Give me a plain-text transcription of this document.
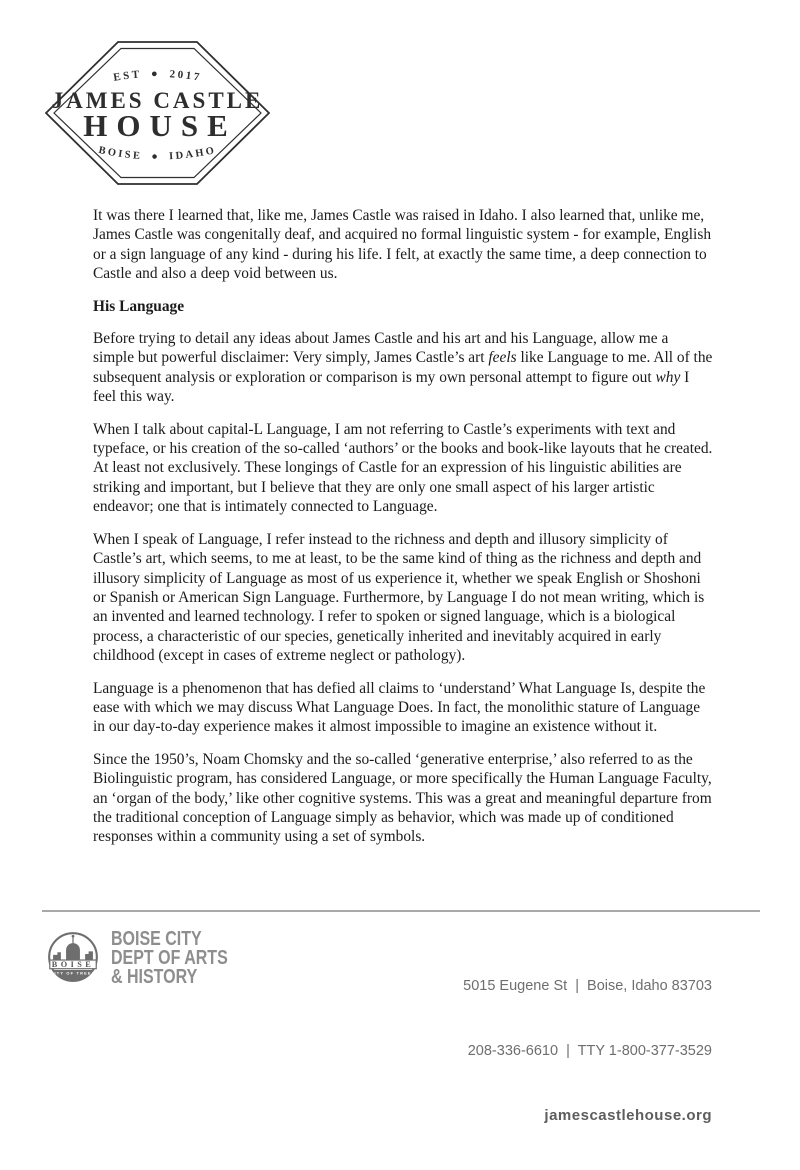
EST ● 2017
JAMES CASTLE
HOUSE
BOISE ● IDAHO

It was there I learned that, like me, James Castle was raised in Idaho. I also learned that, unlike me, James Castle was congenitally deaf, and acquired no formal linguistic system - for example, English or a sign language of any kind - during his life. I felt, at exactly the same time, a deep connection to Castle and also a deep void between us.

His Language

Before trying to detail any ideas about James Castle and his art and his Language, allow me a simple but powerful disclaimer: Very simply, James Castle’s art feels like Language to me. All of the subsequent analysis or exploration or comparison is my own personal attempt to figure out why I feel this way.

When I talk about capital-L Language, I am not referring to Castle’s experiments with text and typeface, or his creation of the so-called ‘authors’ or the books and book-like layouts that he created. At least not exclusively. These longings of Castle for an expression of his linguistic abilities are striking and important, but I believe that they are only one small aspect of his larger artistic endeavor; one that is intimately connected to Language.

When I speak of Language, I refer instead to the richness and depth and illusory simplicity of Castle’s art, which seems, to me at least, to be the same kind of thing as the richness and depth and illusory simplicity of Language as most of us experience it, whether we speak English or Shoshoni or Spanish or American Sign Language. Furthermore, by Language I do not mean writing, which is an invented and learned technology. I refer to spoken or signed language, which is a biological process, a characteristic of our species, genetically inherited and inevitably acquired in early childhood (except in cases of extreme neglect or pathology).

Language is a phenomenon that has defied all claims to ‘understand’ What Language Is, despite the ease with which we may discuss What Language Does. In fact, the monolithic stature of Language in our day-to-day experience makes it almost impossible to imagine an existence without it.

Since the 1950’s, Noam Chomsky and the so-called ‘generative enterprise,’ also referred to as the Biolinguistic program, has considered Language, or more specifically the Human Language Faculty, an ‘organ of the body,’ like other cognitive systems. This was a great and meaningful departure from the traditional conception of Language simply as behavior, which was made up of conditioned responses within a community using a set of symbols.

BOISE
CITY OF TREES
BOISE CITY
DEPT OF ARTS
& HISTORY

	5015 Eugene St  |  Boise, Idaho 83703

208-336-6610  |  TTY 1-800-377-3529

jamescastlehouse.org
